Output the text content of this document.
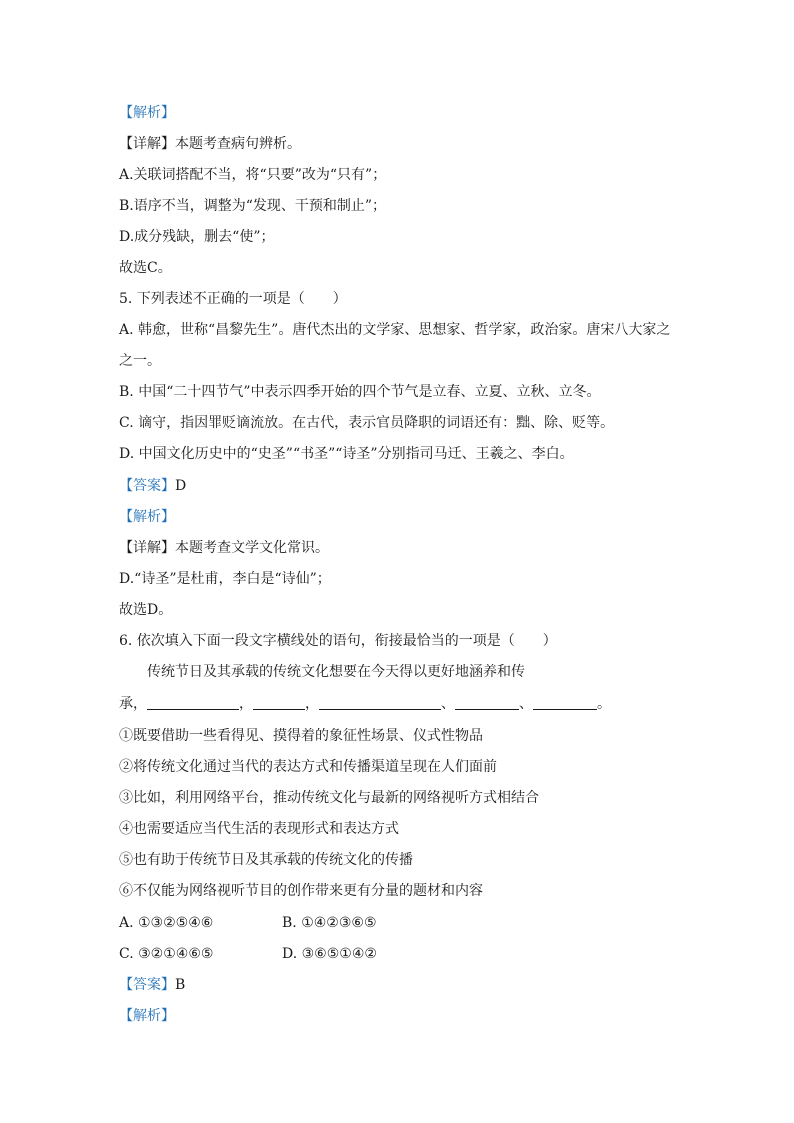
【解析】
【详解】本题考查病句辨析。
A.关联词搭配不当，将“只要”改为“只有”；
B.语序不当，调整为“发现、干预和制止”；
D.成分残缺，删去“使”；
故选C。
5. 下列表述不正确的一项是（　　）
A. 韩愈，世称“昌黎先生”。唐代杰出的文学家、思想家、哲学家，政治家。唐宋八大家之
之一。
B. 中国“二十四节气”中表示四季开始的四个节气是立春、立夏、立秋、立冬。
C. 谪守，指因罪贬谪流放。在古代，表示官员降职的词语还有：黜、除、贬等。
D. 中国文化历史中的“史圣”“书圣”“诗圣”分别指司马迁、王羲之、李白。
【答案】D
【解析】
【详解】本题考查文学文化常识。
D.“诗圣”是杜甫，李白是“诗仙”；
故选D。
6. 依次填入下面一段文字横线处的语句，衔接最恰当的一项是（　　）
传统节日及其承载的传统文化想要在今天得以更好地涵养和传
承，	，	，	、	、	。
①既要借助一些看得见、摸得着的象征性场景、仪式性物品
②将传统文化通过当代的表达方式和传播渠道呈现在人们面前
③比如，利用网络平台，推动传统文化与最新的网络视听方式相结合
④也需要适应当代生活的表现形式和表达方式
⑤也有助于传统节日及其承载的传统文化的传播
⑥不仅能为网络视听节目的创作带来更有分量的题材和内容
A. ①③②⑤④⑥	B. ①④②③⑥⑤
C. ③②①④⑥⑤	D. ③⑥⑤①④②
【答案】B
【解析】
